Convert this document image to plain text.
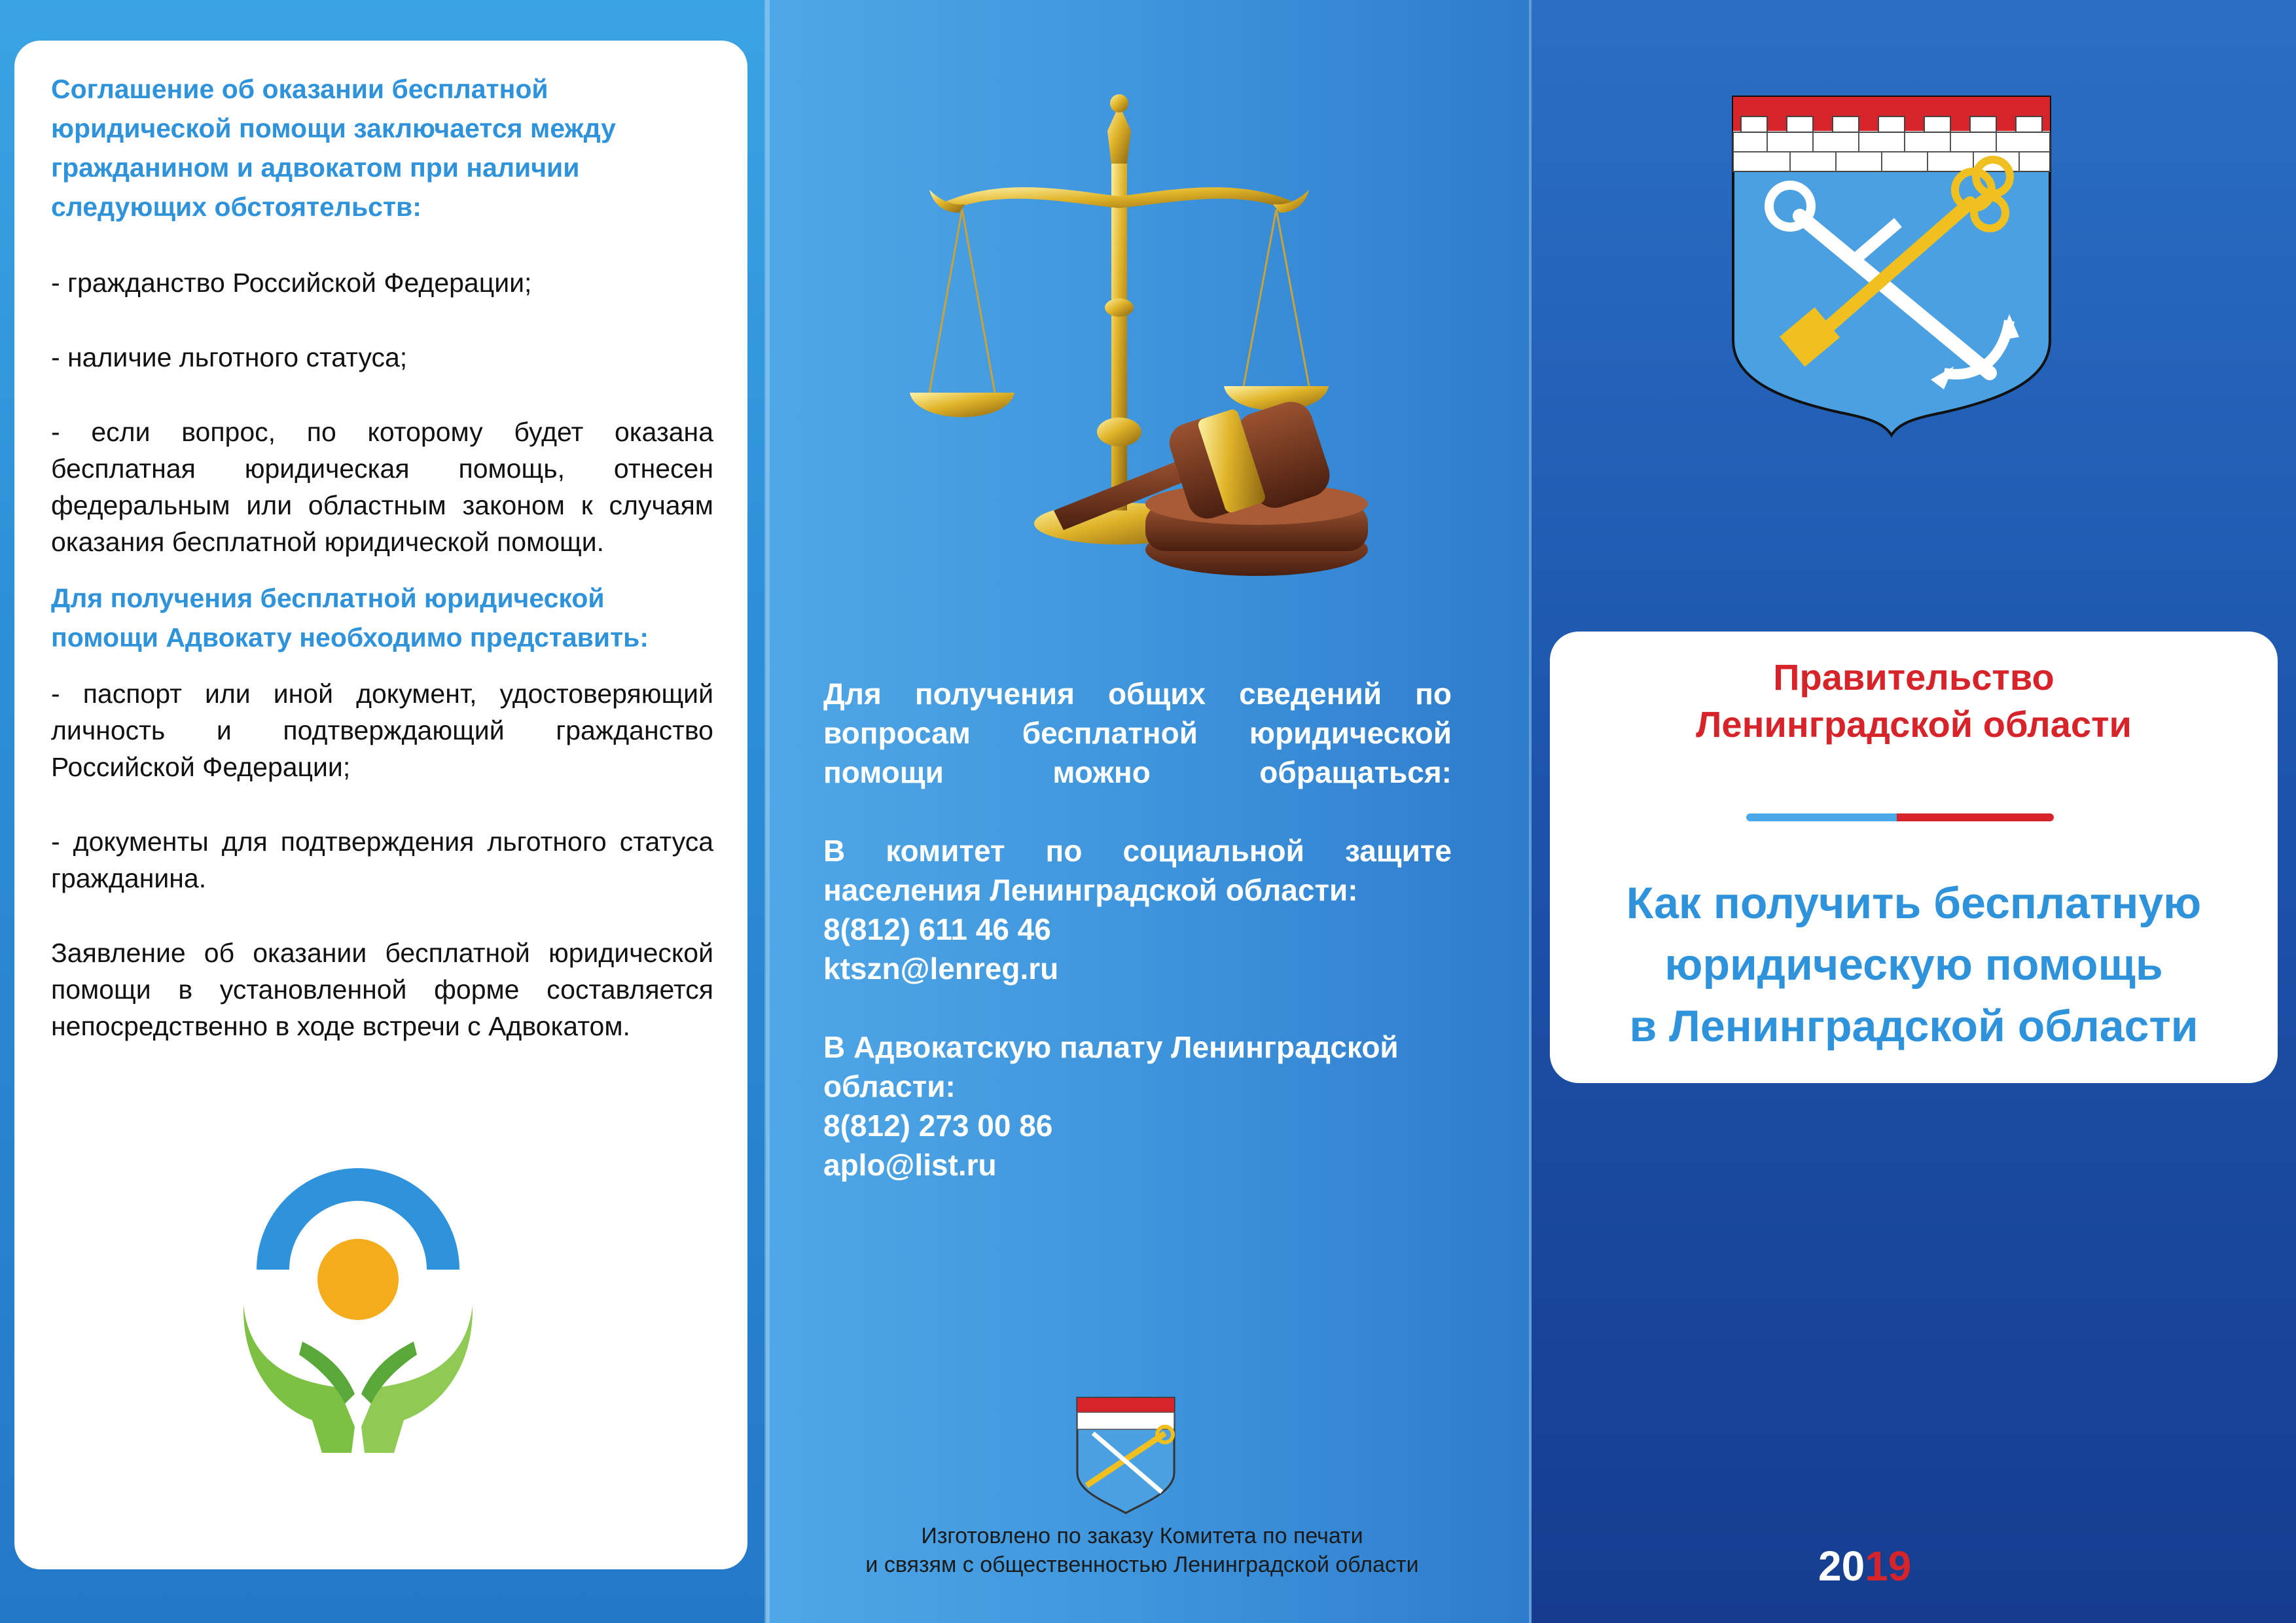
Соглашение об оказании бесплатной юридической помощи заключается между гражданином и адвокатом при наличии следующих обстоятельств:

- гражданство Российской Федерации;

- наличие льготного статуса;

- если вопрос, по которому будет оказана бесплатная юридическая помощь, отнесен федеральным или областным законом к случаям оказания бесплатной юридической помощи.

Для получения бесплатной юридической помощи Адвокату необходимо представить:

- паспорт или иной документ, удостоверяющий личность и подтверждающий гражданство Российской Федерации;

- документы для подтверждения льготного статуса гражданина.

Заявление об оказании бесплатной юридической помощи в установленной форме составляется непосредственно в ходе встречи с Адвокатом.

Для получения общих сведений по вопросам бесплатной юридической помощи можно обращаться:

В комитет по социальной защите населения Ленинградской области:

8(812) 611 46 46

ktszn@lenreg.ru

В Адвокатскую палату Ленинградской области:

8(812) 273 00 86

aplo@list.ru

Изготовлено по заказу Комитета по печати
и связям с общественностью Ленинградской области
Правительство
Ленинградской области
Как получить бесплатную
юридическую помощь
в Ленинградской области
2019
